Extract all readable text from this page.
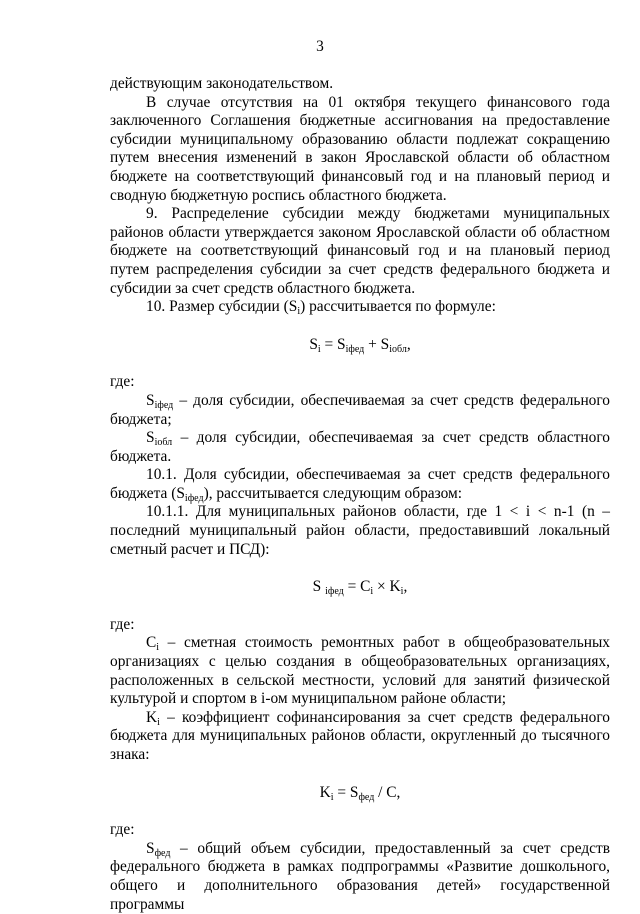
3

действующим законодательством.

В случае отсутствия на 01 октября текущего финансового года заключенного Соглашения бюджетные ассигнования на предоставление субсидии муниципальному образованию области подлежат сокращению путем внесения изменений в закон Ярославской области об областном бюджете на соответствующий финансовый год и на плановый период и сводную бюджетную роспись областного бюджета.

9. Распределение субсидии между бюджетами муниципальных районов области утверждается законом Ярославской области об областном бюджете на соответствующий финансовый год и на плановый период путем распределения субсидии за счет средств федерального бюджета и субсидии за счет средств областного бюджета.

10. Размер субсидии $(S_i)$ рассчитывается по формуле:

$S_i = S_{iфед} + S_{iобл}$,

где:

$S_{iфед}$ – доля субсидии, обеспечиваемая за счет средств федерального бюджета;

$S_{iобл}$ – доля субсидии, обеспечиваемая за счет средств областного бюджета.

10.1. Доля субсидии, обеспечиваемая за счет средств федерального бюджета $(S_{iфед})$, рассчитывается следующим образом:

10.1.1. Для муниципальных районов области, где 1 < i < n-1 (n – последний муниципальный район области, предоставивший локальный сметный расчет и ПСД):

S $_{iфед} = C_i \times K_i$,

где:

$C_i$ – сметная стоимость ремонтных работ в общеобразовательных организациях с целью создания в общеобразовательных организациях, расположенных в сельской местности, условий для занятий физической культурой и спортом в i-ом муниципальном районе области;

$K_i$ – коэффициент софинансирования за счет средств федерального бюджета для муниципальных районов области, округленный до тысячного знака:

$K_i = S_{фед} / C$,

где:

$S_{фед}$ – общий объем субсидии, предоставленный за счет средств федерального бюджета в рамках подпрограммы «Развитие дошкольного, общего и дополнительного образования детей» государственной программы
